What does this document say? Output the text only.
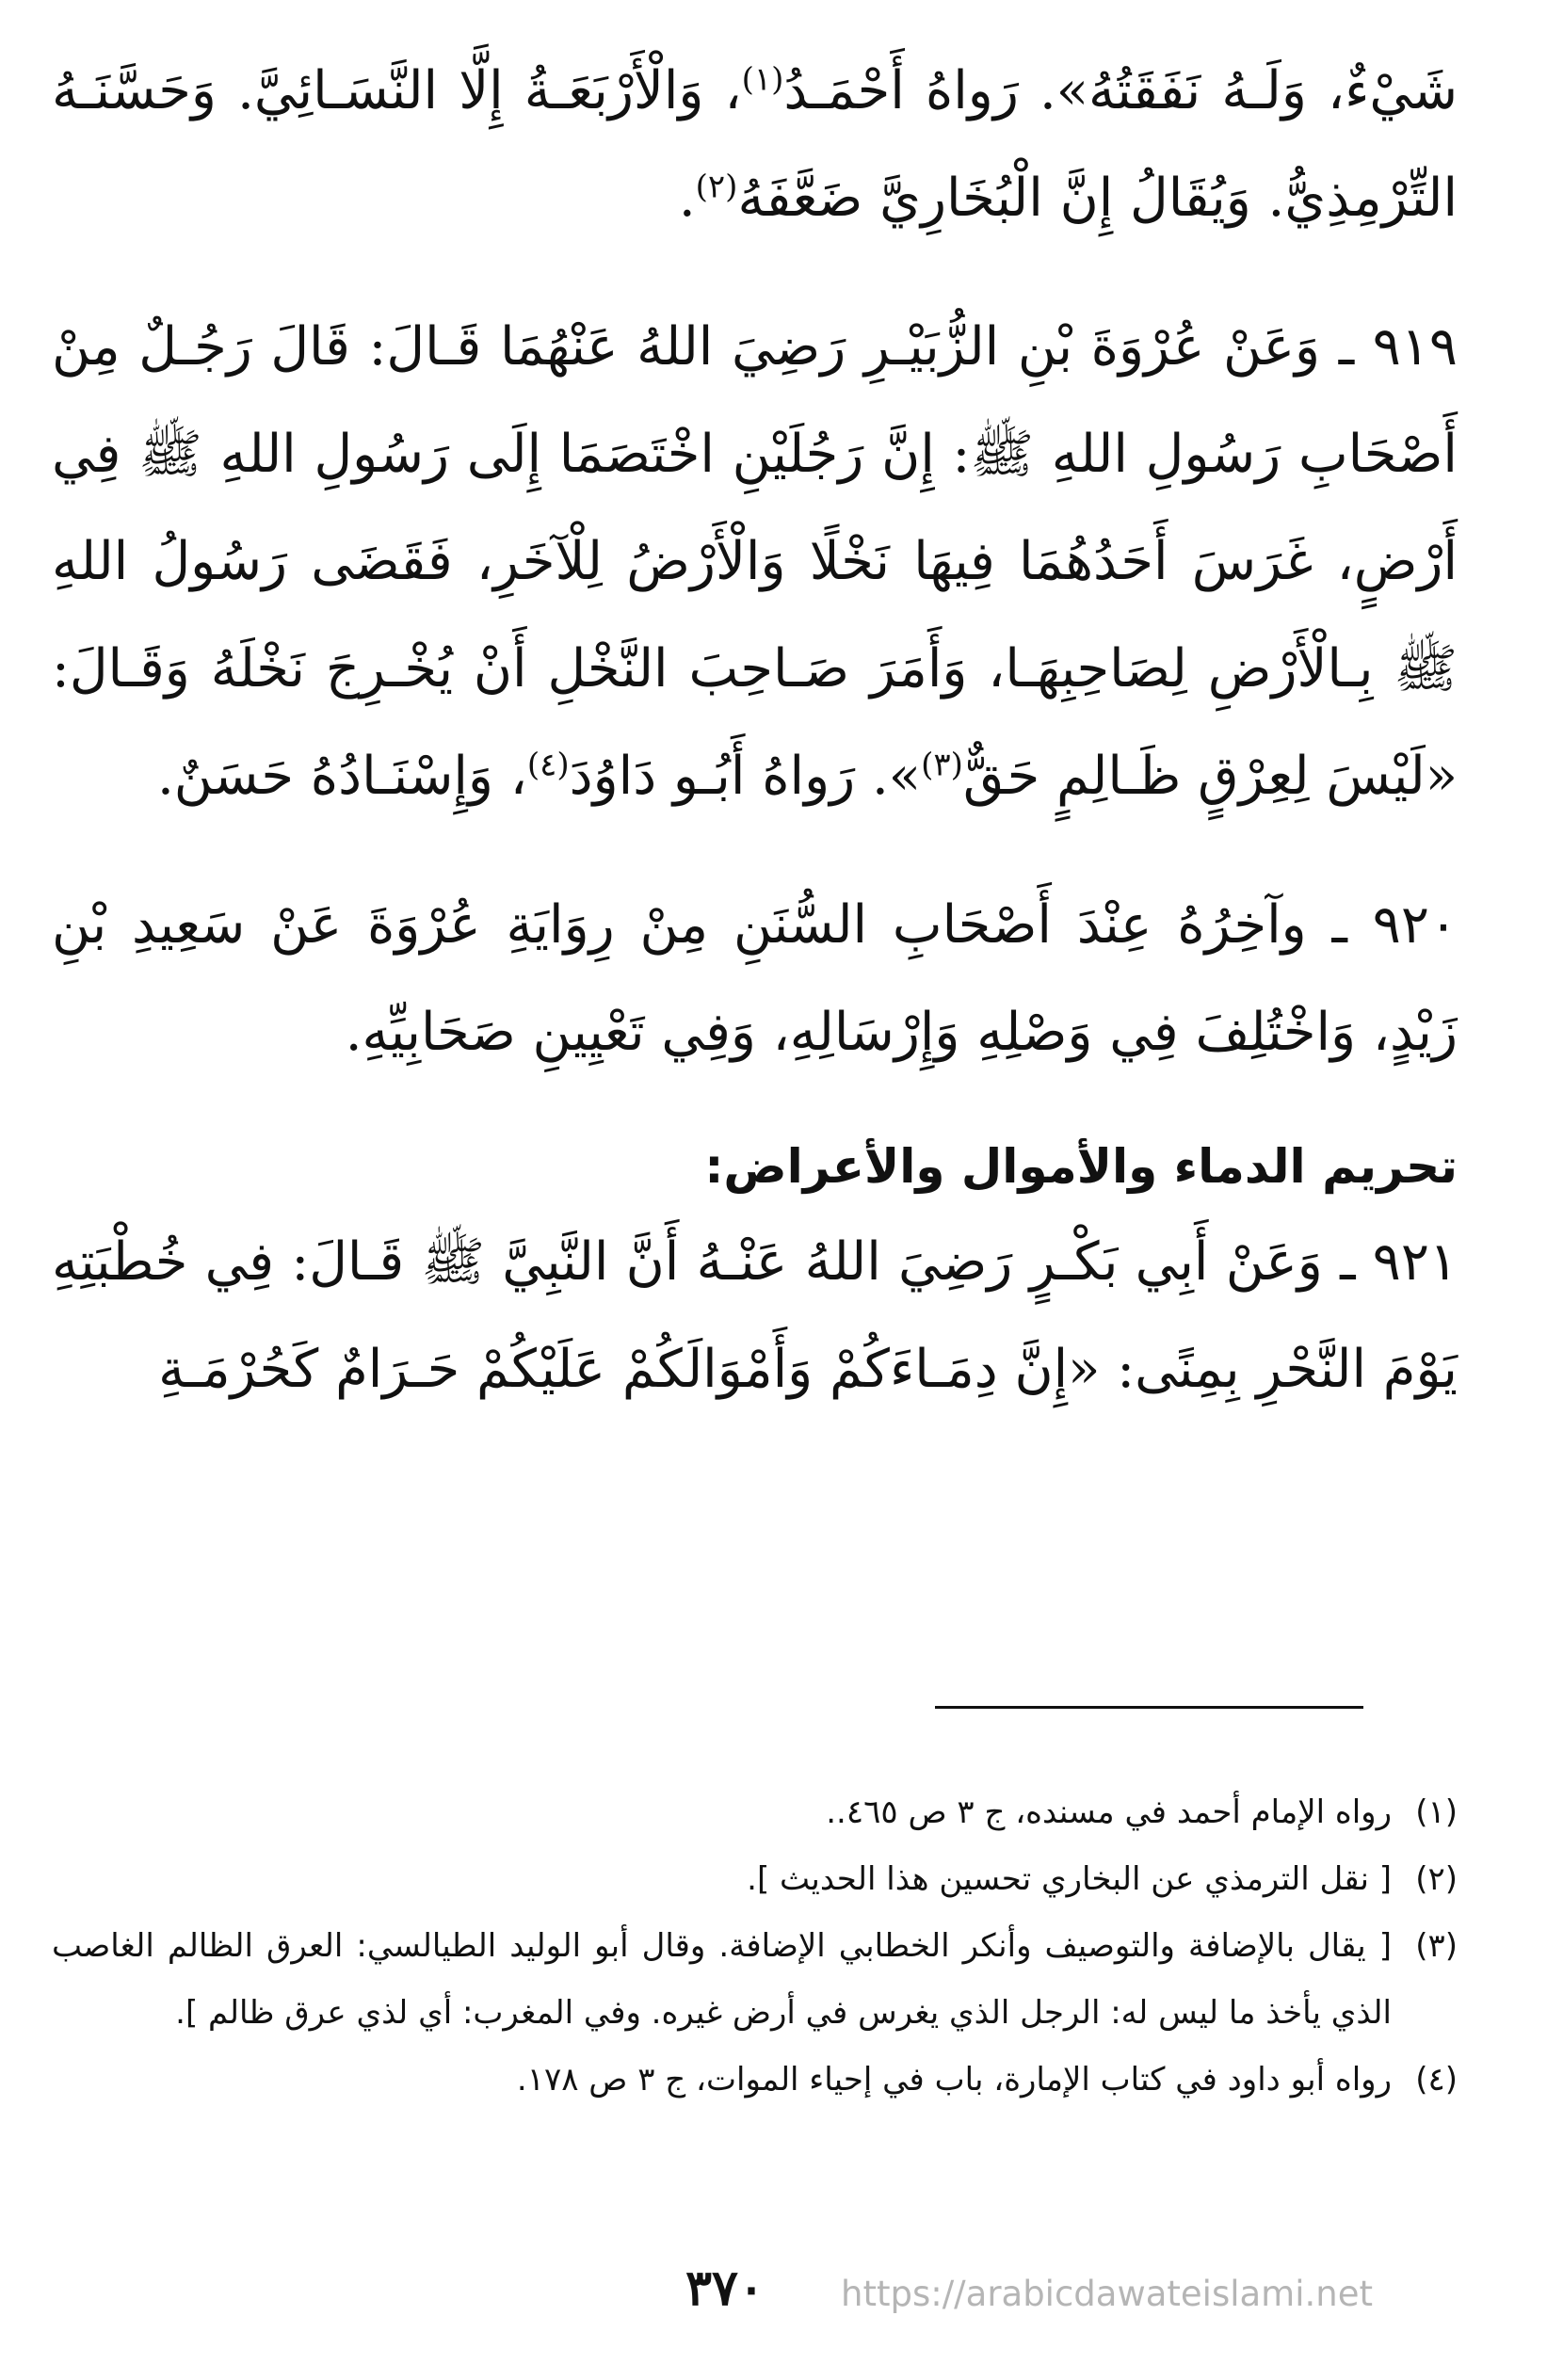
شَيْءٌ، وَلَـهُ نَفَقَتُهُ». رَواهُ أَحْمَـدُ$^{(١)}$، وَالْأَرْبَعَـةُ إِلَّا النَّسَـائِيَّ. وَحَسَّنَـهُ التِّرْمِذِيُّ. وَيُقَالُ إِنَّ الْبُخَارِيَّ ضَعَّفَهُ$^{(٢)}$.

٩١٩ ـ وَعَنْ عُرْوَةَ بْنِ الزُّبَيْـرِ رَضِيَ اللهُ عَنْهُمَا قَـالَ: قَالَ رَجُـلٌ مِنْ أَصْحَابِ رَسُولِ اللهِ ﷺ: إِنَّ رَجُلَيْنِ اخْتَصَمَا إِلَى رَسُولِ اللهِ ﷺ فِي أَرْضٍ، غَرَسَ أَحَدُهُمَا فِيهَا نَخْلًا وَالْأَرْضُ لِلْآخَرِ، فَقَضَى رَسُولُ اللهِ ﷺ بِـالْأَرْضِ لِصَاحِبِهَـا، وَأَمَرَ صَـاحِبَ النَّخْلِ أَنْ يُخْـرِجَ نَخْلَهُ وَقَـالَ: «لَيْسَ لِعِرْقٍ ظَـالِمٍ حَقٌّ$^{(٣)}$». رَواهُ أَبُـو دَاوُدَ$^{(٤)}$، وَإِسْنَـادُهُ حَسَنٌ.

٩٢٠ ـ وآخِرُهُ عِنْدَ أَصْحَابِ السُّنَنِ مِنْ رِوَايَةِ عُرْوَةَ عَنْ سَعِيدِ بْنِ زَيْدٍ، وَاخْتُلِفَ فِي وَصْلِهِ وَإِرْسَالِهِ، وَفِي تَعْيِينِ صَحَابِيِّهِ.

تحريم الدماء والأموال والأعراض:

٩٢١ ـ وَعَنْ أَبِي بَكْـرٍ رَضِيَ اللهُ عَنْـهُ أَنَّ النَّبِيَّ ﷺ قَـالَ: فِي خُطْبَتِهِ يَوْمَ النَّحْرِ بِمِنًى: «إِنَّ دِمَـاءَكُمْ وَأَمْوَالَكُمْ عَلَيْكُمْ حَـرَامٌ كَحُرْمَـةِ

(١)
رواه الإمام أحمد في مسنده، ج ٣ ص ٤٦٥..
(٢)
[ نقل الترمذي عن البخاري تحسين هذا الحديث ].
(٣)
[ يقال بالإضافة والتوصيف وأنكر الخطابي الإضافة. وقال أبو الوليد الطيالسي: العرق الظالم الغاصب الذي يأخذ ما ليس له: الرجل الذي يغرس في أرض غيره. وفي المغرب: أي لذي عرق ظالم ].
(٤)
رواه أبو داود في كتاب الإمارة، باب في إحياء الموات، ج ٣ ص ١٧٨.
٣٧٠	https://arabicdawateislami.net
